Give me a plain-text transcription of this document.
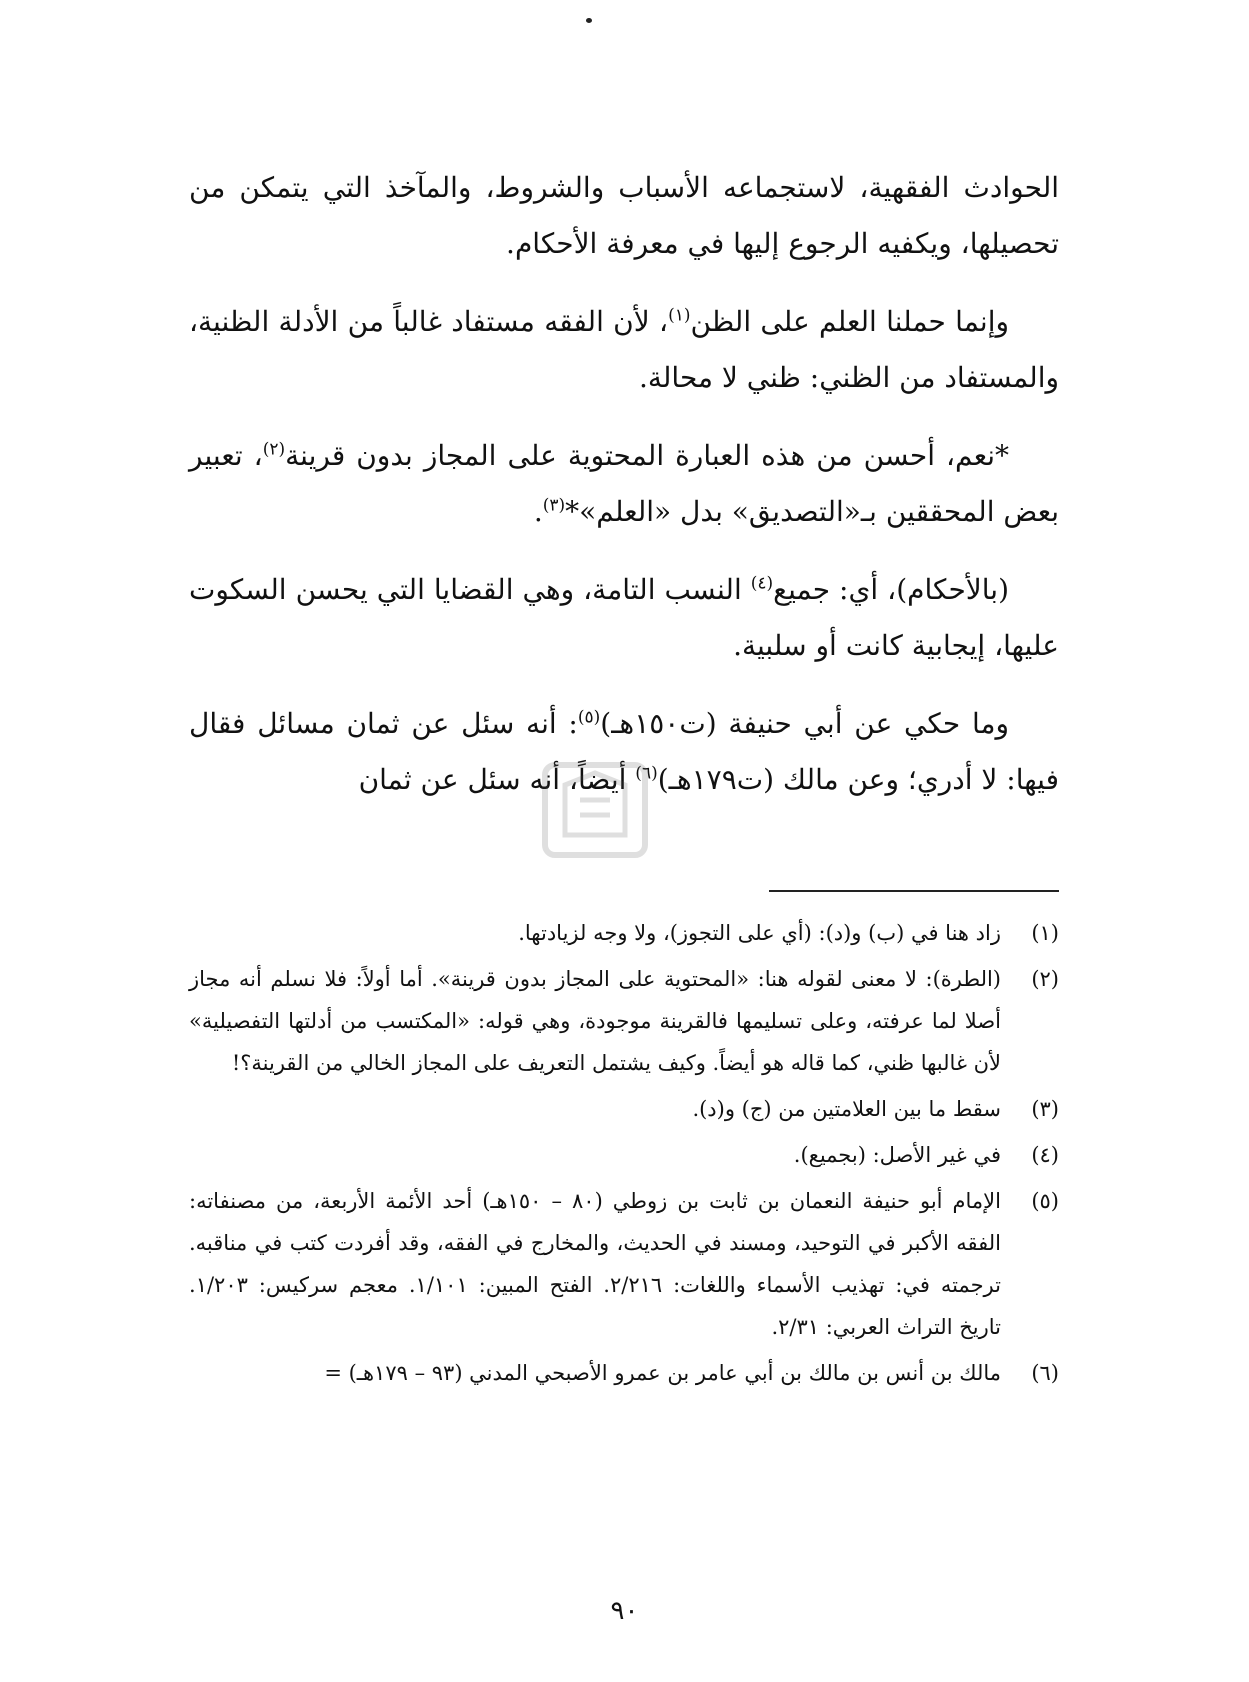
الحوادث الفقهية، لاستجماعه الأسباب والشروط، والمآخذ التي يتمكن من تحصيلها، ويكفيه الرجوع إليها في معرفة الأحكام.

وإنما حملنا العلم على الظن$^{(١)}$، لأن الفقه مستفاد غالباً من الأدلة الظنية، والمستفاد من الظني: ظني لا محالة.

*نعم، أحسن من هذه العبارة المحتوية على المجاز بدون قرينة$^{(٢)}$، تعبير بعض المحققين بـ«التصديق» بدل «العلم»*$^{(٣)}$.

(بالأحكام)، أي: جميع$^{(٤)}$ النسب التامة، وهي القضايا التي يحسن السكوت عليها، إيجابية كانت أو سلبية.

وما حكي عن أبي حنيفة (ت١٥٠هـ)$^{(٥)}$: أنه سئل عن ثمان مسائل فقال فيها: لا أدري؛ وعن مالك (ت١٧٩هـ)$^{(٦)}$ أيضاً، أنه سئل عن ثمان

(١)
زاد هنا في (ب) و(د): (أي على التجوز)، ولا وجه لزيادتها.
(٢)
(الطرة): لا معنى لقوله هنا: «المحتوية على المجاز بدون قرينة». أما أولاً: فلا نسلم أنه مجاز أصلا لما عرفته، وعلى تسليمها فالقرينة موجودة، وهي قوله: «المكتسب من أدلتها التفصيلية» لأن غالبها ظني، كما قاله هو أيضاً. وكيف يشتمل التعريف على المجاز الخالي من القرينة؟!
(٣)
سقط ما بين العلامتين من (ج) و(د).
(٤)
في غير الأصل: (بجميع).
(٥)
الإمام أبو حنيفة النعمان بن ثابت بن زوطي (٨٠ – ١٥٠هـ) أحد الأئمة الأربعة، من مصنفاته: الفقه الأكبر في التوحيد، ومسند في الحديث، والمخارج في الفقه، وقد أفردت كتب في مناقبه. ترجمته في: تهذيب الأسماء واللغات: ٢/٢١٦. الفتح المبين: ١/١٠١. معجم سركيس: ١/٢٠٣. تاريخ التراث العربي: ٢/٣١.
(٦)
مالك بن أنس بن مالك بن أبي عامر بن عمرو الأصبحي المدني (٩٣ – ١٧٩هـ) =
٩٠
